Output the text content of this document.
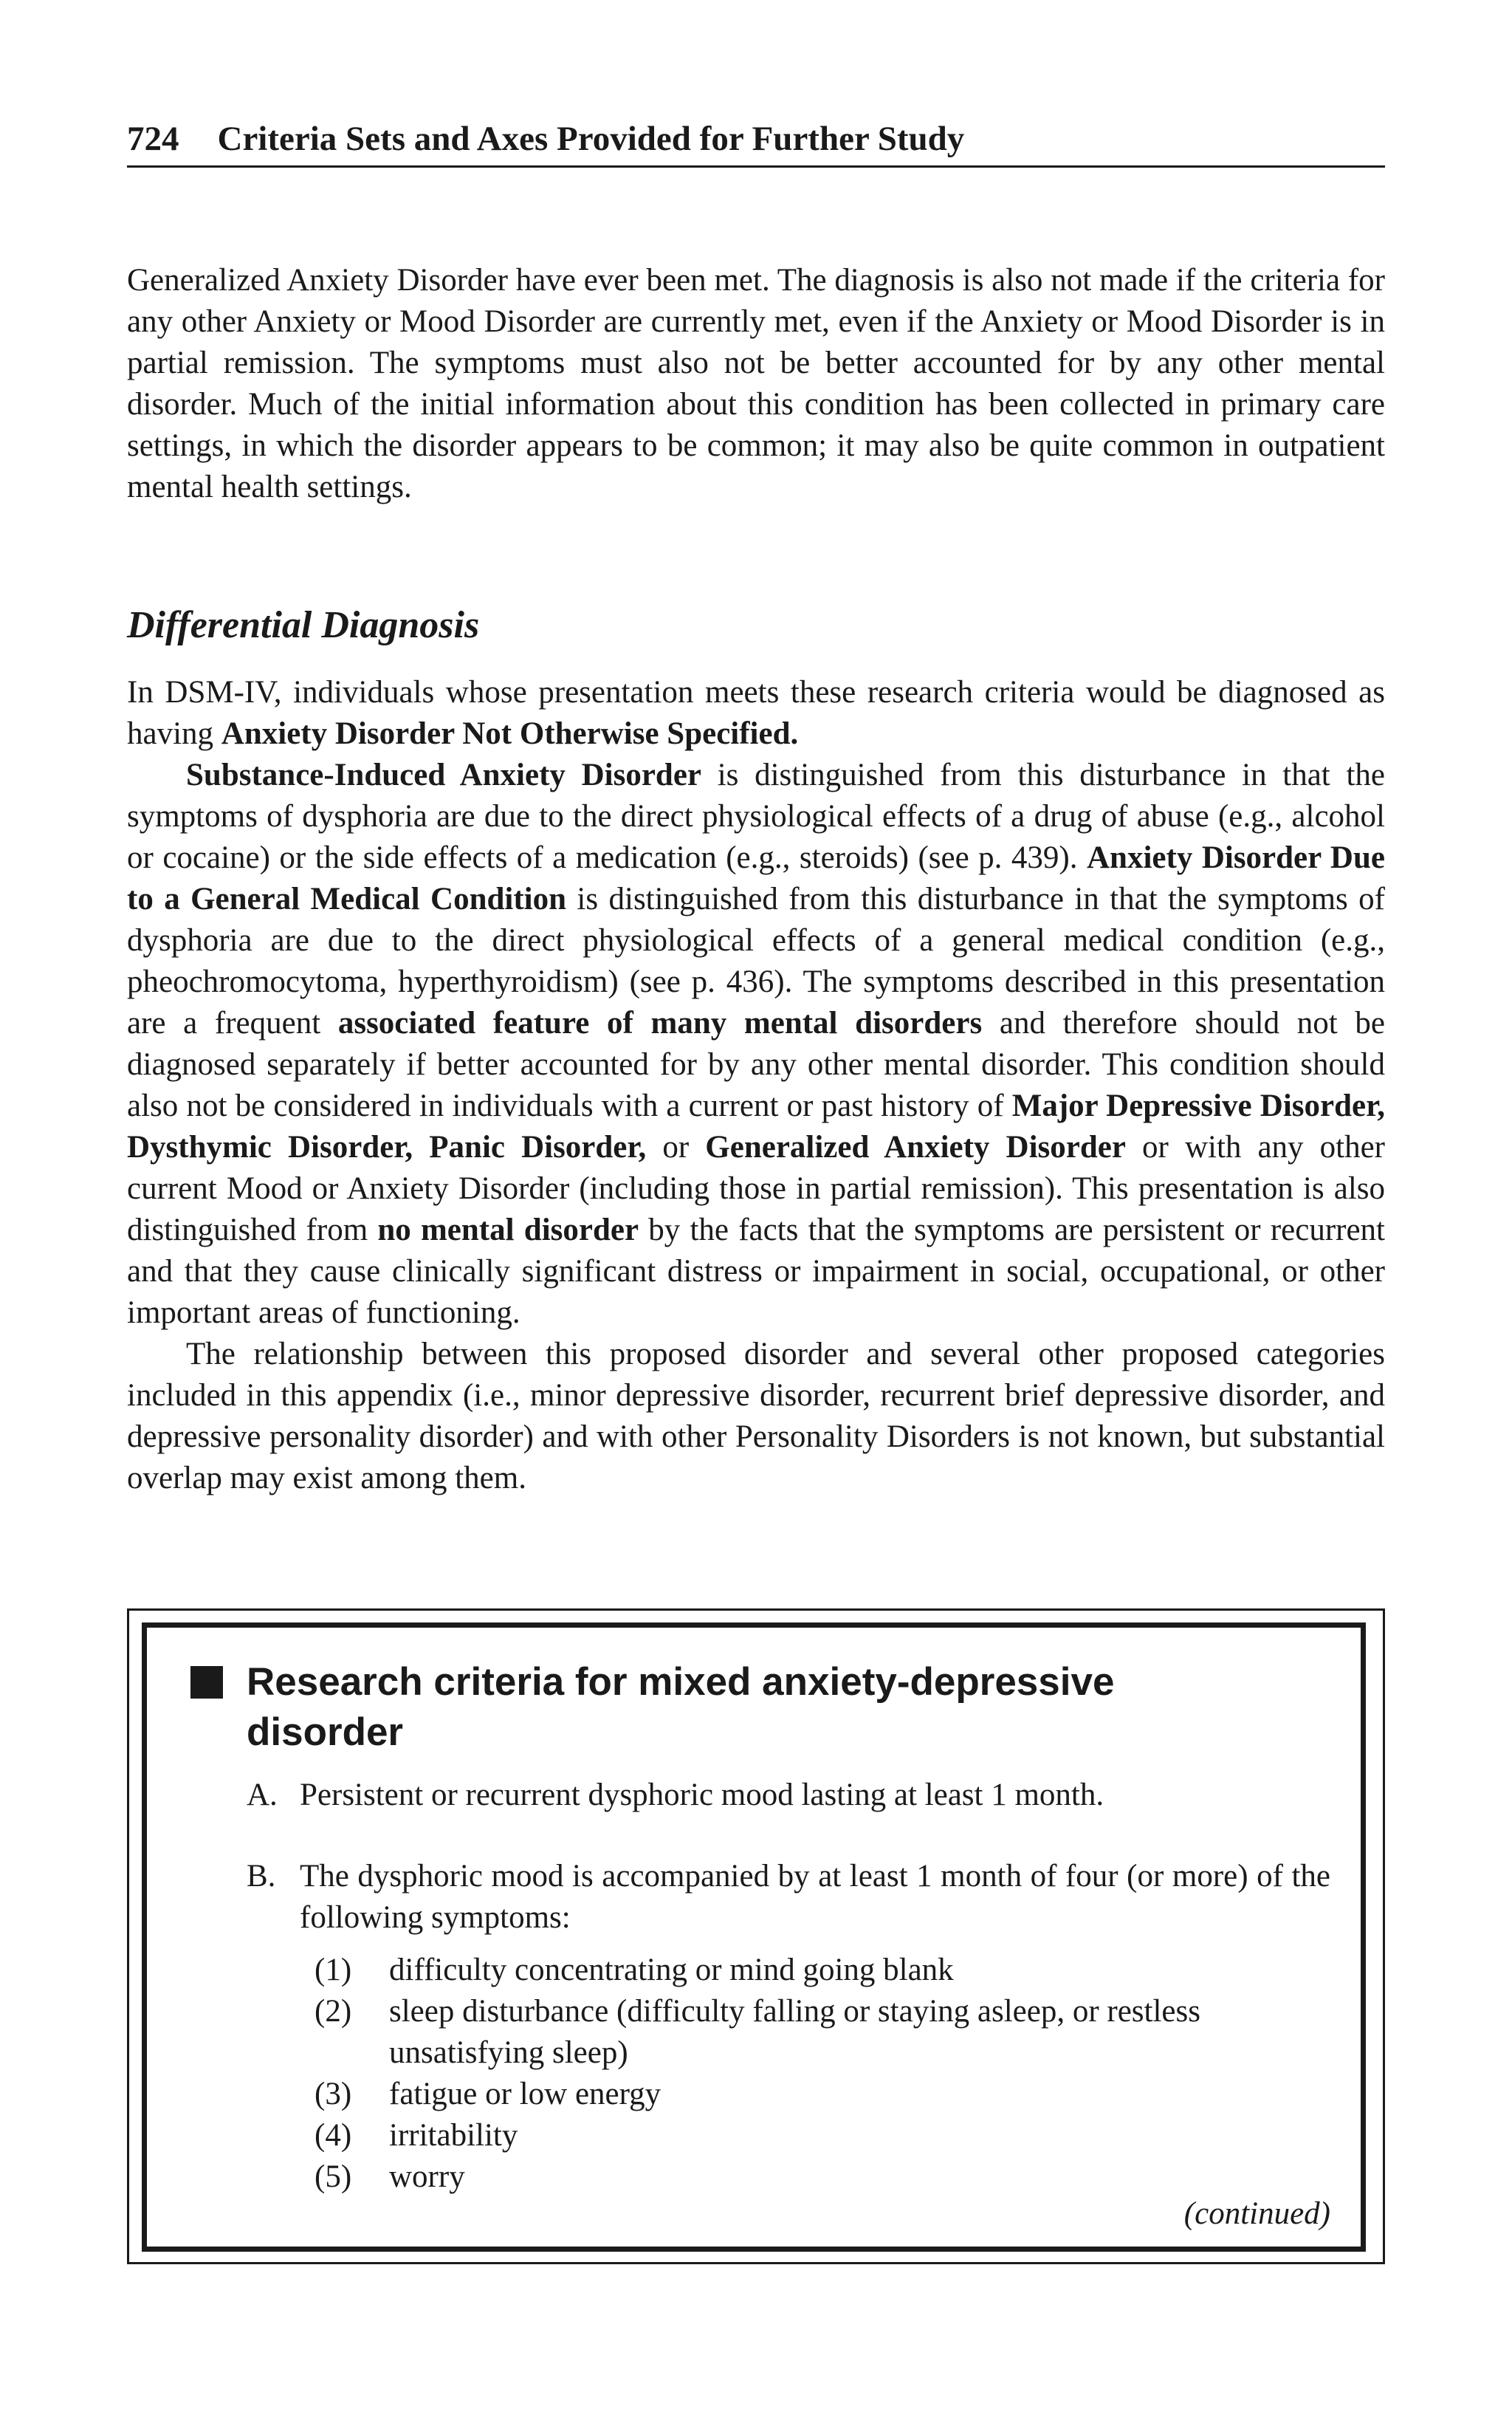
724 Criteria Sets and Axes Provided for Further Study

Generalized Anxiety Disorder have ever been met. The diagnosis is also not made if the criteria for any other Anxiety or Mood Disorder are currently met, even if the Anxiety or Mood Disorder is in partial remission. The symptoms must also not be better accounted for by any other mental disorder. Much of the initial information about this condition has been collected in primary care settings, in which the disorder appears to be common; it may also be quite common in outpatient mental health settings.

Differential Diagnosis

In DSM-IV, individuals whose presentation meets these research criteria would be diagnosed as having Anxiety Disorder Not Otherwise Specified.

Substance-Induced Anxiety Disorder is distinguished from this disturbance in that the symptoms of dysphoria are due to the direct physiological effects of a drug of abuse (e.g., alcohol or cocaine) or the side effects of a medication (e.g., steroids) (see p. 439). Anxiety Disorder Due to a General Medical Condition is distinguished from this disturbance in that the symptoms of dysphoria are due to the direct physiological effects of a general medical condition (e.g., pheochromocytoma, hyperthyroidism) (see p. 436). The symptoms described in this presentation are a frequent associated feature of many mental disorders and therefore should not be diagnosed separately if better accounted for by any other mental disorder. This condition should also not be considered in individuals with a current or past history of Major Depressive Disorder, Dysthymic Disorder, Panic Disorder, or Generalized Anxiety Disorder or with any other current Mood or Anxiety Disorder (including those in partial remission). This presentation is also distinguished from no mental disorder by the facts that the symptoms are persistent or recurrent and that they cause clinically significant distress or impairment in social, occupational, or other important areas of functioning.

The relationship between this proposed disorder and several other proposed categories included in this appendix (i.e., minor depressive disorder, recurrent brief depressive disorder, and depressive personality disorder) and with other Personality Disorders is not known, but substantial overlap may exist among them.

Research criteria for mixed anxiety-depressive disorder
A. Persistent or recurrent dysphoric mood lasting at least 1 month.
B. The dysphoric mood is accompanied by at least 1 month of four (or more) of the following symptoms:
(1) difficulty concentrating or mind going blank
(2) sleep disturbance (difficulty falling or staying asleep, or restless unsatisfying sleep)
(3) fatigue or low energy
(4) irritability
(5) worry
(continued)
